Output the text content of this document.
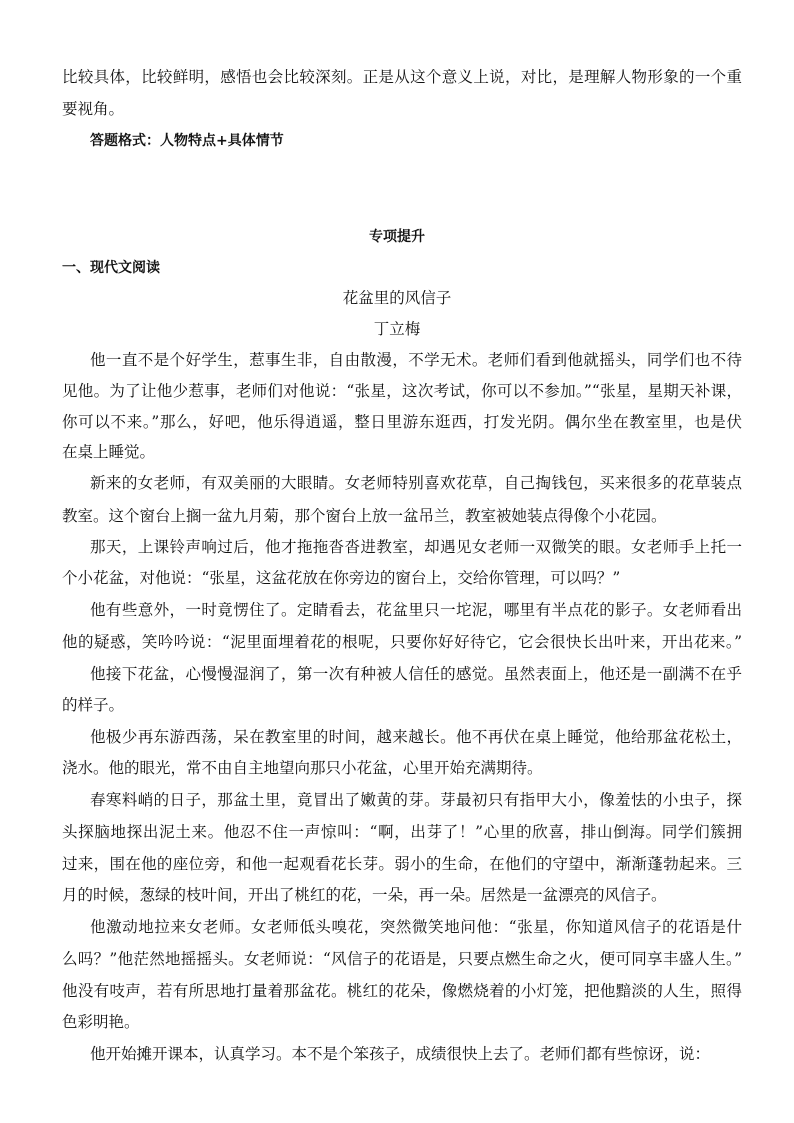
比较具体，比较鲜明，感悟也会比较深刻。正是从这个意义上说，对比，是理解人物形象的一个重
要视角。
答题格式：人物特点+具体情节
专项提升
一、现代文阅读
花盆里的风信子
丁立梅
他一直不是个好学生，惹事生非，自由散漫，不学无术。老师们看到他就摇头，同学们也不待
见他。为了让他少惹事，老师们对他说：“张星，这次考试，你可以不参加。”“张星，星期天补课，
你可以不来。”那么，好吧，他乐得逍遥，整日里游东逛西，打发光阴。偶尔坐在教室里，也是伏
在桌上睡觉。
新来的女老师，有双美丽的大眼睛。女老师特别喜欢花草，自己掏钱包，买来很多的花草装点
教室。这个窗台上搁一盆九月菊，那个窗台上放一盆吊兰，教室被她装点得像个小花园。
那天，上课铃声响过后，他才拖拖沓沓进教室，却遇见女老师一双微笑的眼。女老师手上托一
个小花盆，对他说：“张星，这盆花放在你旁边的窗台上，交给你管理，可以吗？”
他有些意外，一时竟愣住了。定睛看去，花盆里只一坨泥，哪里有半点花的影子。女老师看出
他的疑惑，笑吟吟说：“泥里面埋着花的根呢，只要你好好待它，它会很快长出叶来，开出花来。”
他接下花盆，心慢慢湿润了，第一次有种被人信任的感觉。虽然表面上，他还是一副满不在乎
的样子。
他极少再东游西荡，呆在教室里的时间，越来越长。他不再伏在桌上睡觉，他给那盆花松土，
浇水。他的眼光，常不由自主地望向那只小花盆，心里开始充满期待。
春寒料峭的日子，那盆土里，竟冒出了嫩黄的芽。芽最初只有指甲大小，像羞怯的小虫子，探
头探脑地探出泥土来。他忍不住一声惊叫：“啊，出芽了！”心里的欣喜，排山倒海。同学们簇拥
过来，围在他的座位旁，和他一起观看花长芽。弱小的生命，在他们的守望中，渐渐蓬勃起来。三
月的时候，葱绿的枝叶间，开出了桃红的花，一朵，再一朵。居然是一盆漂亮的风信子。
他激动地拉来女老师。女老师低头嗅花，突然微笑地问他：“张星，你知道风信子的花语是什
么吗？”他茫然地摇摇头。女老师说：“风信子的花语是，只要点燃生命之火，便可同享丰盛人生。”
他没有吱声，若有所思地打量着那盆花。桃红的花朵，像燃烧着的小灯笼，把他黯淡的人生，照得
色彩明艳。
他开始摊开课本，认真学习。本不是个笨孩子，成绩很快上去了。老师们都有些惊讶，说：
